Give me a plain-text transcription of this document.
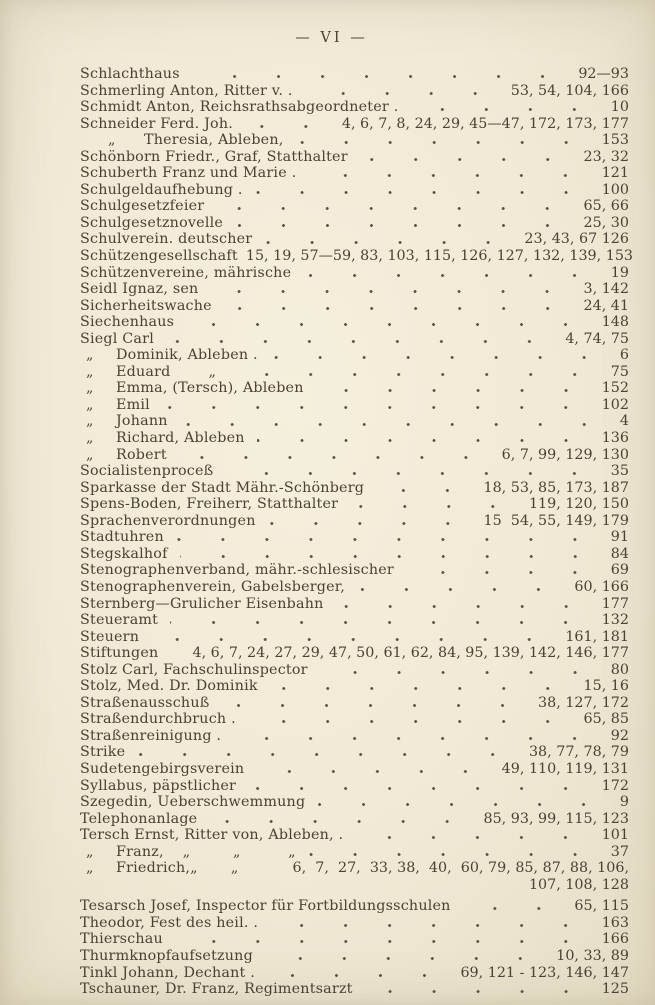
— VI —
Schlachthaus	92—93
Schmerling Anton, Ritter v. .	53, 54, 104, 166
Schmidt Anton, Reichsrathsabgeordneter .	10
Schneider Ferd. Joh.	4, 6, 7, 8, 24, 29, 45—47, 172, 173, 177
„	Theresia, Ableben,	153
Schönborn Friedr., Graf, Statthalter	23, 32
Schuberth Franz und Marie .	121
Schulgeldaufhebung .	100
Schulgesetzfeier	65, 66
Schulgesetznovelle	25, 30
Schulverein. deutscher	23, 43, 67 126
Schützengesellschaft 15, 19, 57—59, 83, 103, 115, 126, 127, 132, 139, 153
Schützenvereine, mährische	19
Seidl Ignaz, sen	3, 142
Sicherheitswache	24, 41
Siechenhaus	148
Siegl Carl	4, 74, 75
„	Dominik, Ableben .	6
„	Eduard        „	75
„	Emma, (Tersch), Ableben	152
„	Emil	102
„	Johann	4
„	Richard, Ableben	136
„	Robert	6, 7, 99, 129, 130
Socialistenproceß	35
Sparkasse der Stadt Mähr.-Schönberg	18, 53, 85, 173, 187
Spens-Boden, Freiherr, Statthalter	119, 120, 150
Sprachenverordnungen	15  54, 55, 149, 179
Stadtuhren	91
Stegskalhof	84
Stenographenverband, mähr.-schlesischer	69
Stenographenverein, Gabelsberger,	60, 166
Sternberg—Grulicher Eisenbahn	177
Steueramt	132
Steuern	161, 181
Stiftungen 4, 6, 7, 24, 27, 29, 47, 50, 61, 62, 84, 95, 139, 142, 146, 177
Stolz Carl, Fachschulinspector	80
Stolz, Med. Dr. Dominik	15, 16
Straßenausschuß	38, 127, 172
Straßendurchbruch .	65, 85
Straßenreinigung .	92
Strike	38, 77, 78, 79
Sudetengebirgsverein	49, 110, 119, 131
Syllabus, päpstlicher	172
Szegedin, Ueberschwemmung	9
Telephonanlage	85, 93, 99, 115, 123
Tersch Ernst, Ritter von, Ableben, .	101
„	Franz,    „         „          „	37
„	Friedrich,„       „	6,  7,  27,  33, 38,  40,  60, 79, 85, 87, 88, 106,
107, 108, 128
Tesarsch Josef, Inspector für Fortbildungsschulen	65, 115
Theodor, Fest des heil. .	163
Thierschau	166
Thurmknopfaufsetzung	10, 33, 89
Tinkl Johann, Dechant .	69, 121 - 123, 146, 147
Tschauner, Dr. Franz, Regimentsarzt	125
